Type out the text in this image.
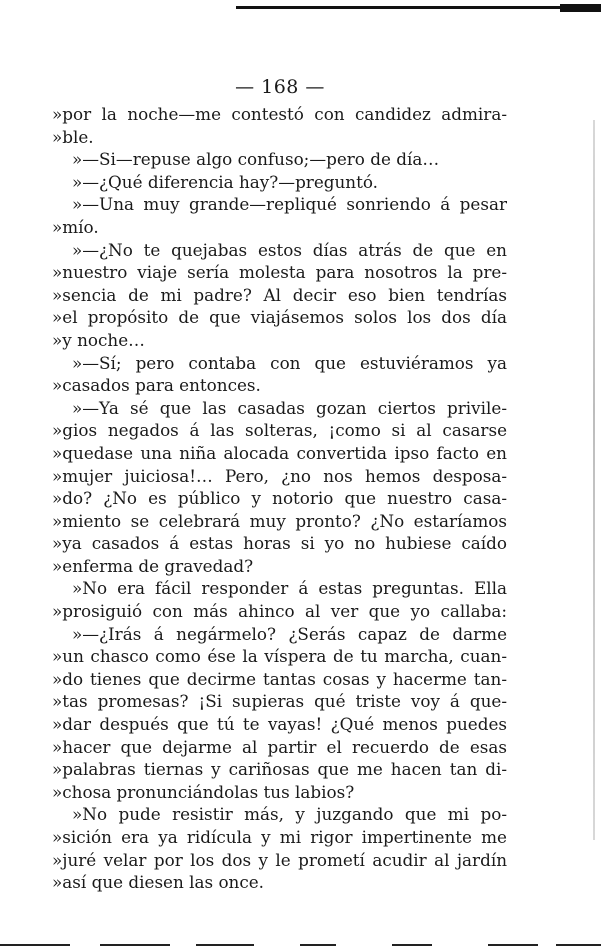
— 168 —
»por la noche—me contestó con candidez admira-
»ble.
»—Si—repuse algo confuso;—pero de día…
»—¿Qué diferencia hay?—preguntó.
»—Una muy grande—repliqué sonriendo á pesar
»mío.
»—¿No te quejabas estos días atrás de que en
»nuestro viaje sería molesta para nosotros la pre-
»sencia de mi padre? Al decir eso bien tendrías
»el propósito de que viajásemos solos los dos día
»y noche…
»—Sí; pero contaba con que estuviéramos ya
»casados para entonces.
»—Ya sé que las casadas gozan ciertos privile-
»gios negados á las solteras, ¡como si al casarse
»quedase una niña alocada convertida ipso facto en
»mujer juiciosa!… Pero, ¿no nos hemos desposa-
»do? ¿No es público y notorio que nuestro casa-
»miento se celebrará muy pronto? ¿No estaríamos
»ya casados á estas horas si yo no hubiese caído
»enferma de gravedad?
»No era fácil responder á estas preguntas. Ella
»prosiguió con más ahinco al ver que yo callaba:
»—¿Irás á negármelo? ¿Serás capaz de darme
»un chasco como ése la víspera de tu marcha, cuan-
»do tienes que decirme tantas cosas y hacerme tan-
»tas promesas? ¡Si supieras qué triste voy á que-
»dar después que tú te vayas! ¿Qué menos puedes
»hacer que dejarme al partir el recuerdo de esas
»palabras tiernas y cariñosas que me hacen tan di-
»chosa pronunciándolas tus labios?
»No pude resistir más, y juzgando que mi po-
»sición era ya ridícula y mi rigor impertinente me
»juré velar por los dos y le prometí acudir al jardín
»así que diesen las once.
